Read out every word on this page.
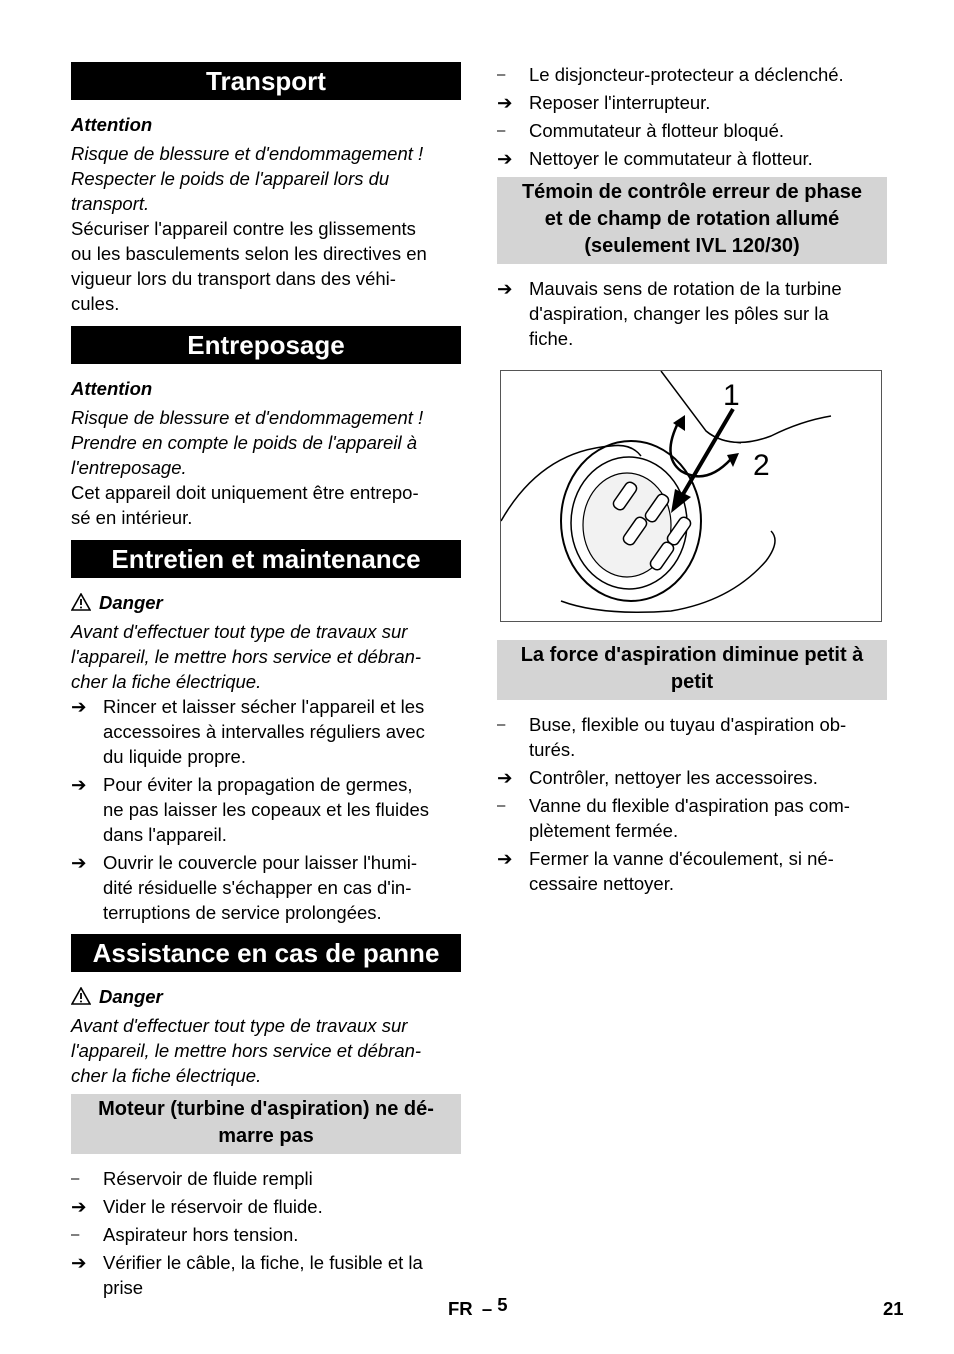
Transport

Attention

Risque de blessure et d'endommagement !

Respecter le poids de l'appareil lors du

transport.

Sécuriser l'appareil contre les glissements

ou les basculements selon les directives en

vigueur lors du transport dans des véhi-

cules.

Entreposage

Attention

Risque de blessure et d'endommagement !

Prendre en compte le poids de l'appareil à

l'entreposage.

Cet appareil doit uniquement être entrepo-

sé en intérieur.

Entretien et maintenance

Danger

Avant d'effectuer tout type de travaux sur

l'appareil, le mettre hors service et débran-

cher la fiche électrique.

➔ Rincer et laisser sécher l'appareil et les

accessoires à intervalles réguliers avec

du liquide propre.

➔ Pour éviter la propagation de germes,

ne pas laisser les copeaux et les fluides

dans l'appareil.

➔ Ouvrir le couvercle pour laisser l'humi-

dité résiduelle s'échapper en cas d'in-

terruptions de service prolongées.

Assistance en cas de panne

Danger

Avant d'effectuer tout type de travaux sur

l'appareil, le mettre hors service et débran-

cher la fiche électrique.

Moteur (turbine d'aspiration) ne dé-
marre pas
–	Réservoir de fluide rempli

➔ Vider le réservoir de fluide.

–	Aspirateur hors tension.

➔ Vérifier le câble, la fiche, le fusible et la

prise

–	Le disjoncteur-protecteur a déclenché.

➔ Reposer l'interrupteur.

–	Commutateur à flotteur bloqué.

➔ Nettoyer le commutateur à flotteur.

Témoin de contrôle erreur de phase
et de champ de rotation allumé
(seulement IVL 120/30)
➔ Mauvais sens de rotation de la turbine

d'aspiration, changer les pôles sur la

fiche.

1
2
La force d'aspiration diminue petit à
petit
–	Buse, flexible ou tuyau d'aspiration ob-

turés.

➔ Contrôler, nettoyer les accessoires.

–	Vanne du flexible d'aspiration pas com-

plètement fermée.

➔ Fermer la vanne d'écoulement, si né-

cessaire nettoyer.

FR – 5	21
